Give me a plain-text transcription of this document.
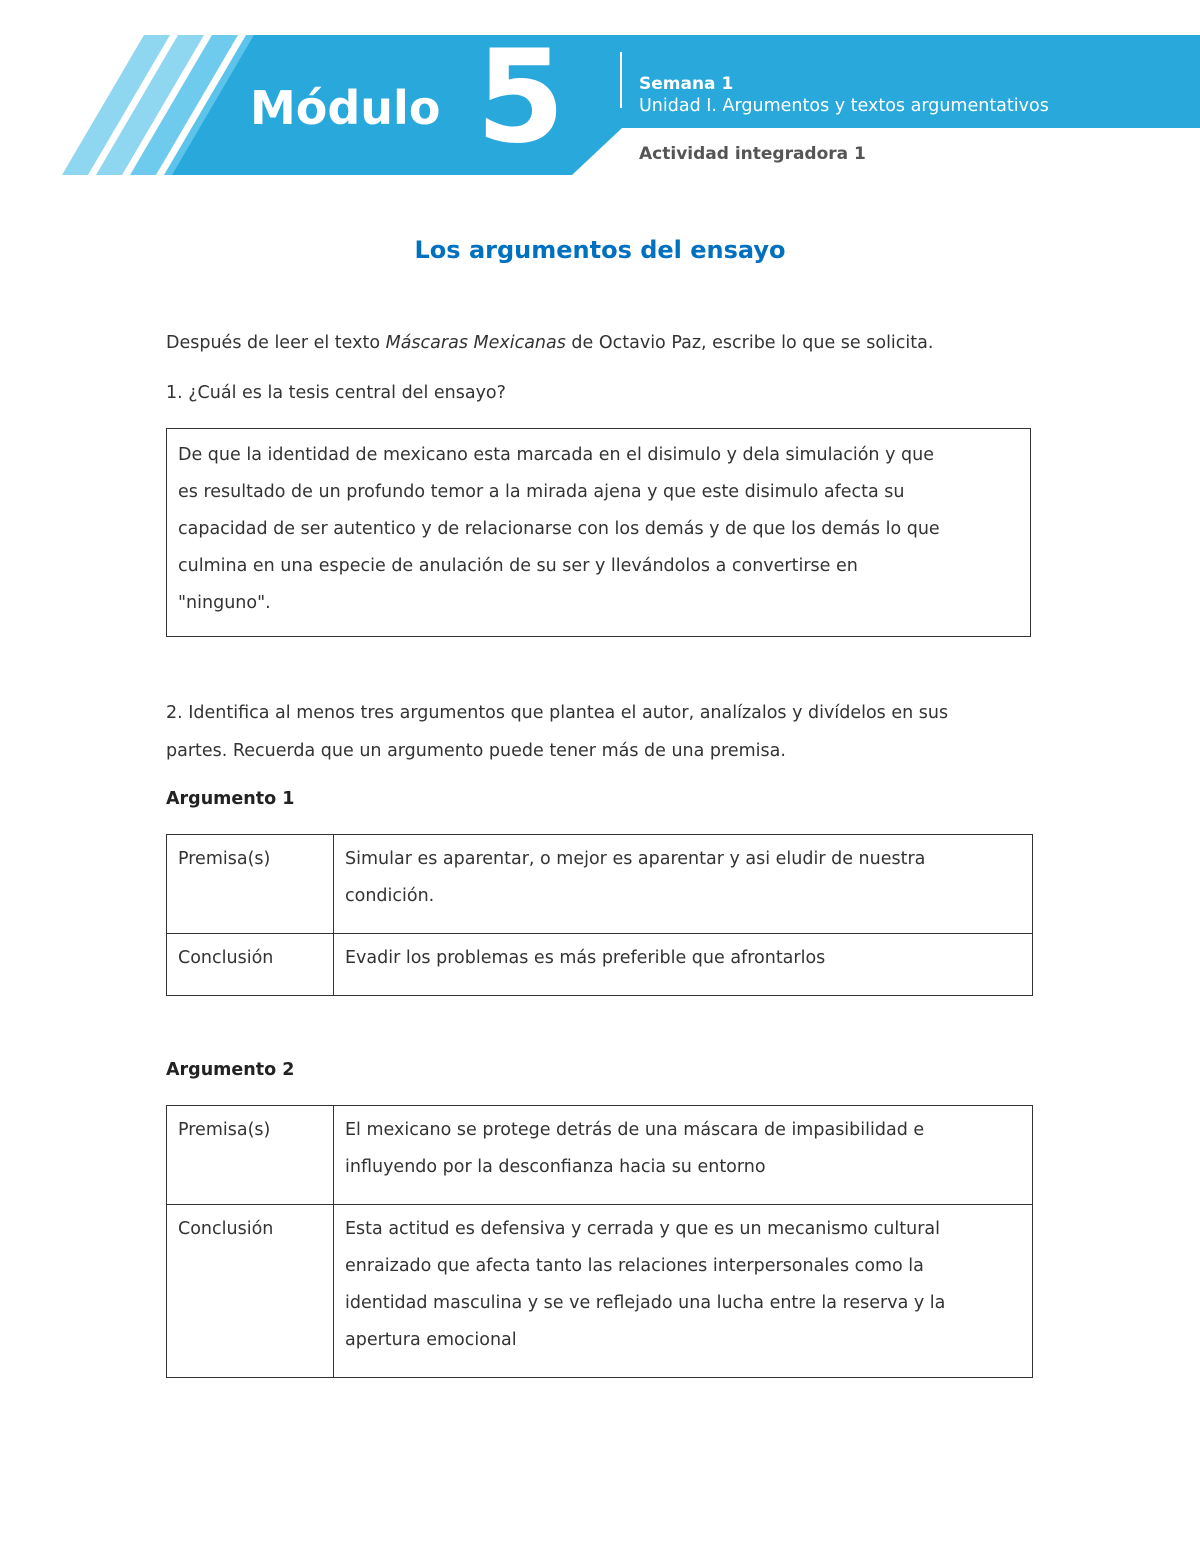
Módulo 5	Semana 1
Unidad I. Argumentos y textos argumentativos
Actividad integradora 1
Los argumentos del ensayo
Después de leer el texto Máscaras Mexicanas de Octavio Paz, escribe lo que se solicita.
1. ¿Cuál es la tesis central del ensayo?
De que la identidad de mexicano esta marcada en el disimulo y dela simulación y que
es resultado de un profundo temor a la mirada ajena y que este disimulo afecta su
capacidad de ser autentico y de relacionarse con los demás y de que los demás lo que
culmina en una especie de anulación de su ser y llevándolos a convertirse en
"ninguno".
2. Identifica al menos tres argumentos que plantea el autor, analízalos y divídelos en sus
partes. Recuerda que un argumento puede tener más de una premisa.
Argumento 1
Premisa(s)	Simular es aparentar, o mejor es aparentar y asi eludir de nuestra
condición.

Conclusión	Evadir los problemas es más preferible que afrontarlos
Argumento 2
Premisa(s)	El mexicano se protege detrás de una máscara de impasibilidad e
influyendo por la desconfianza hacia su entorno

Conclusión	Esta actitud es defensiva y cerrada y que es un mecanismo cultural
enraizado que afecta tanto las relaciones interpersonales como la
identidad masculina y se ve reflejado una lucha entre la reserva y la
apertura emocional
